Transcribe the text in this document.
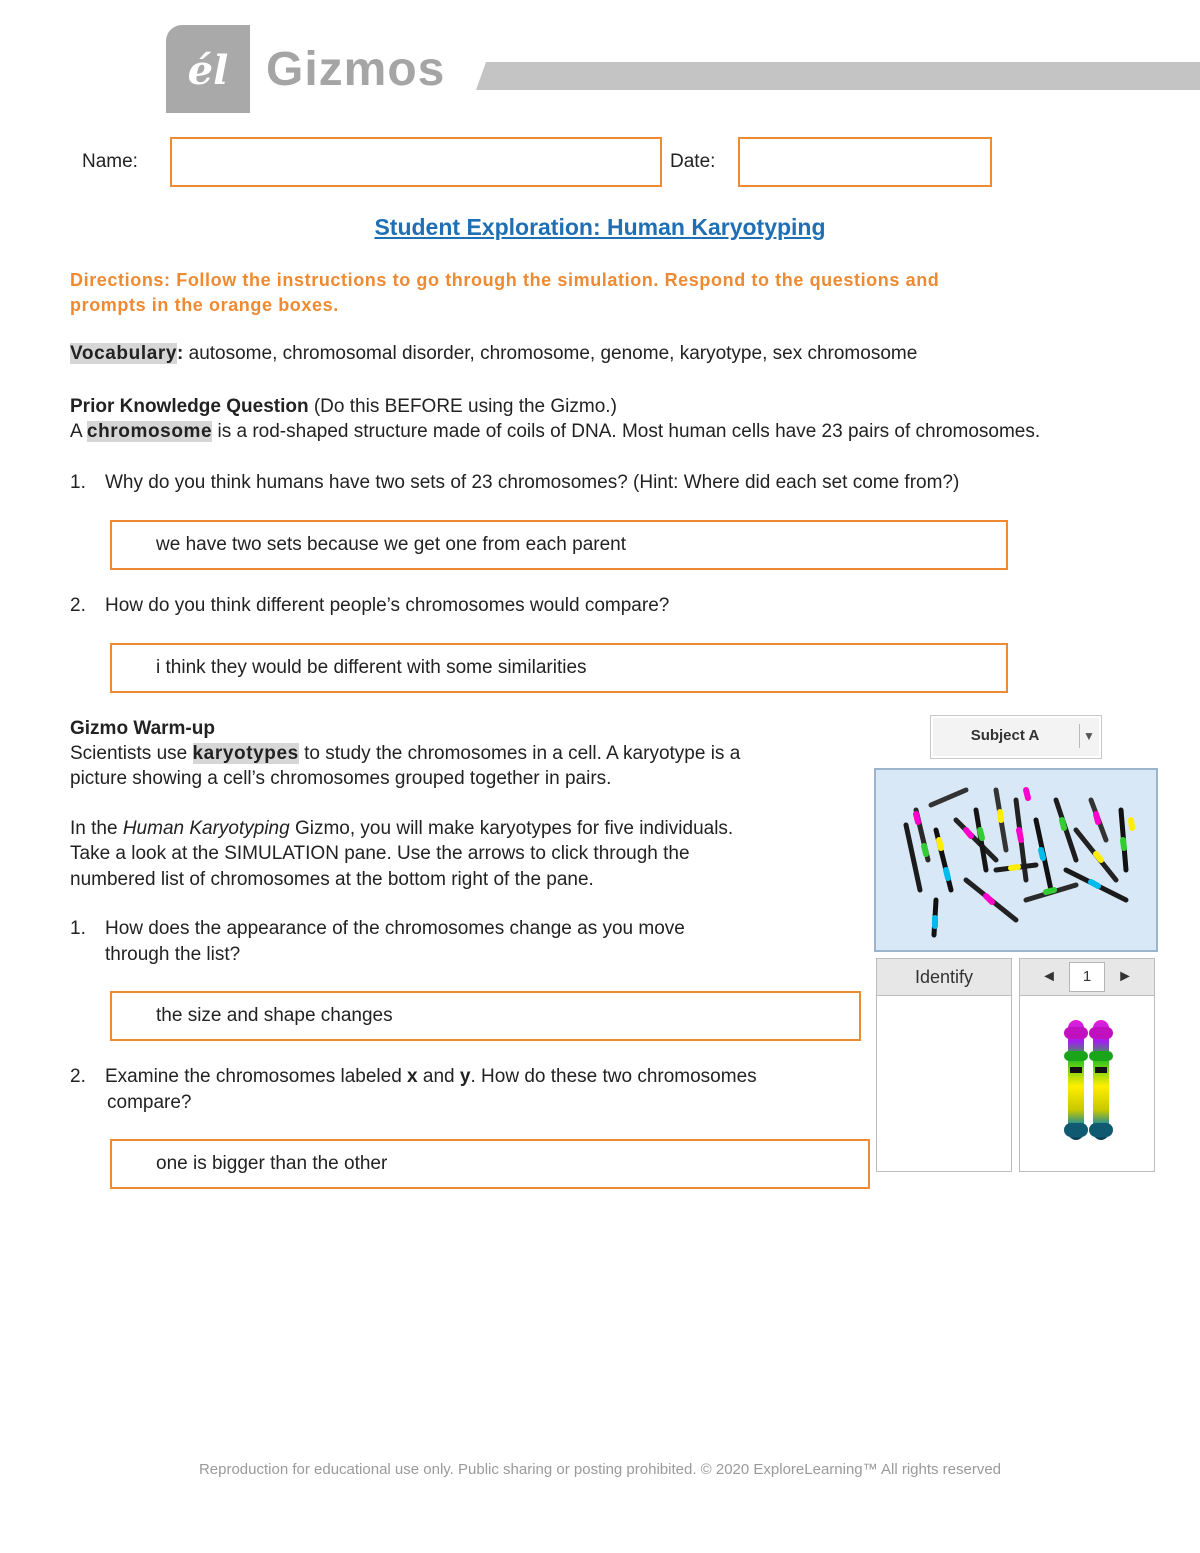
él Gizmos
Name:	Date:
Student Exploration: Human Karyotyping
Directions: Follow the instructions to go through the simulation. Respond to the questions and
prompts in the orange boxes.
Vocabulary: autosome, chromosomal disorder, chromosome, genome, karyotype, sex chromosome
Prior Knowledge Question (Do this BEFORE using the Gizmo.)
A chromosome is a rod-shaped structure made of coils of DNA. Most human cells have 23 pairs of chromosomes.
1. Why do you think humans have two sets of 23 chromosomes? (Hint: Where did each set come from?)
we have two sets because we get one from each parent
2. How do you think different people’s chromosomes would compare?
i think they would be different with some similarities
Gizmo Warm-up
Scientists use karyotypes to study the chromosomes in a cell. A karyotype is a
picture showing a cell’s chromosomes grouped together in pairs.
In the Human Karyotyping Gizmo, you will make karyotypes for five individuals.
Take a look at the SIMULATION pane. Use the arrows to click through the
numbered list of chromosomes at the bottom right of the pane.
1. How does the appearance of the chromosomes change as you move
through the list?
the size and shape changes
2. Examine the chromosomes labeled x and y. How do these two chromosomes
compare?
one is bigger than the other
Subject A	▼
Identify	◄	1	►
Reproduction for educational use only. Public sharing or posting prohibited. © 2020 ExploreLearning™ All rights reserved
